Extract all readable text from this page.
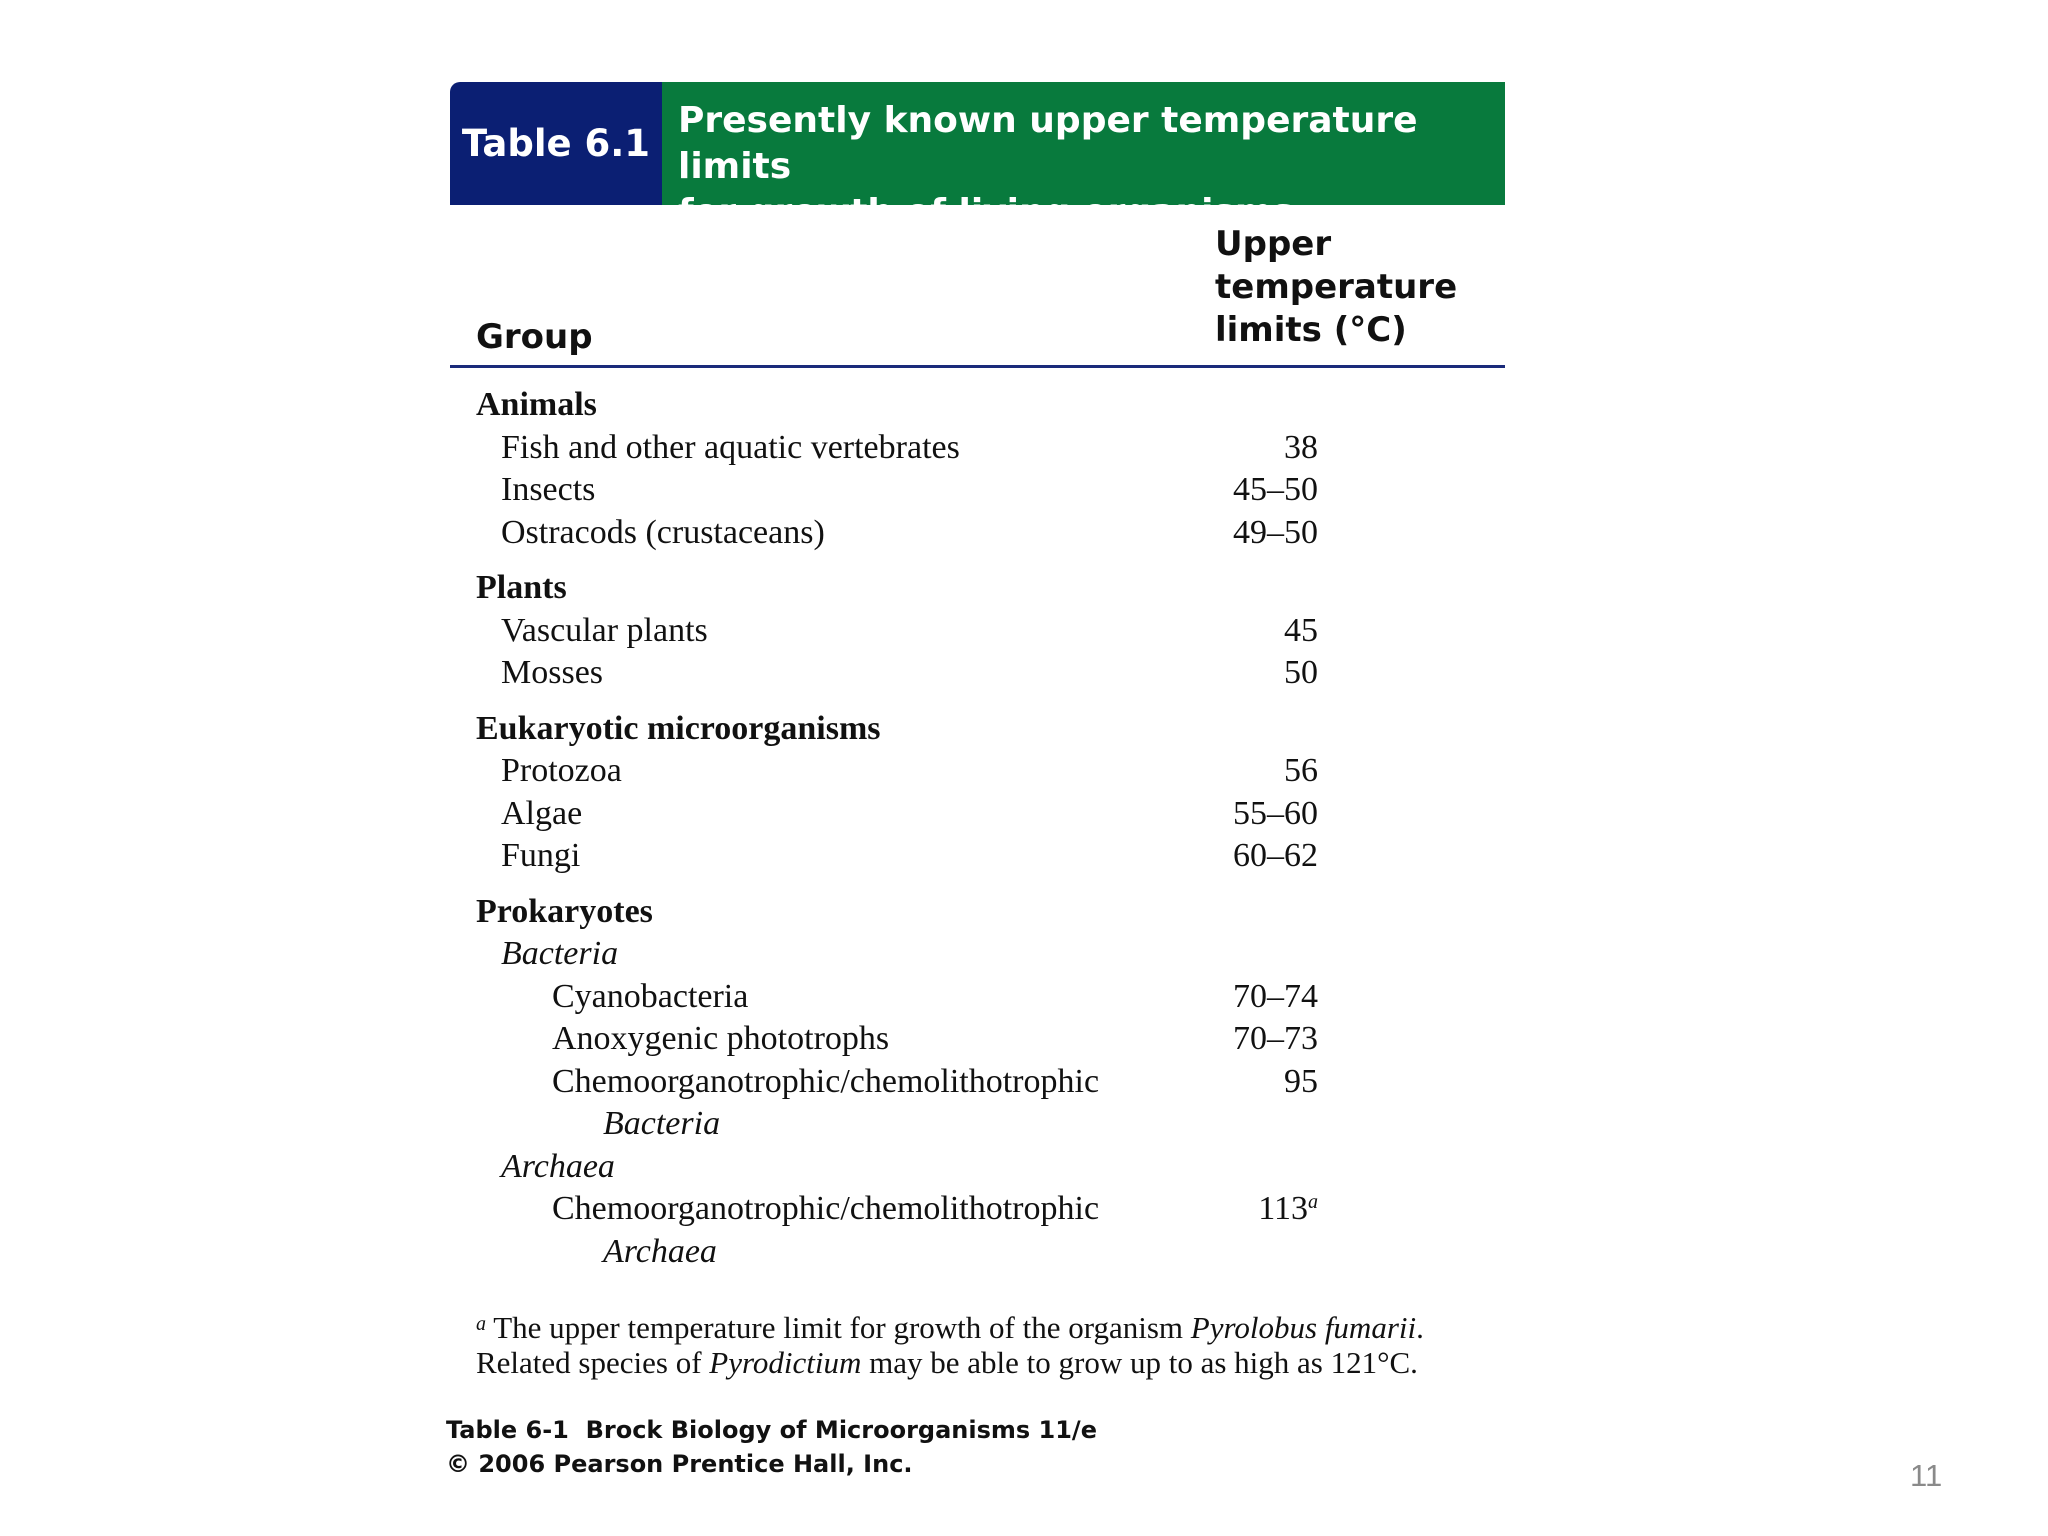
Table 6.1
Presently known upper temperature limits
for growth of living organisms
Group
Upper
temperature
limits (°C)
Animals
Fish and other aquatic vertebrates	38
Insects	45–50
Ostracods (crustaceans)	49–50
Plants
Vascular plants	45
Mosses	50
Eukaryotic microorganisms
Protozoa	56
Algae	55–60
Fungi	60–62
Prokaryotes
Bacteria
Cyanobacteria	70–74
Anoxygenic phototrophs	70–73
Chemoorganotrophic/chemolithotrophic	95
Bacteria
Archaea
Chemoorganotrophic/chemolithotrophic	113$^a$
Archaea
$^a$ The upper temperature limit for growth of the organism Pyrolobus fumarii.
Related species of Pyrodictium may be able to grow up to as high as 121°C.
Table 6-1  Brock Biology of Microorganisms 11/e
© 2006 Pearson Prentice Hall, Inc.	11
